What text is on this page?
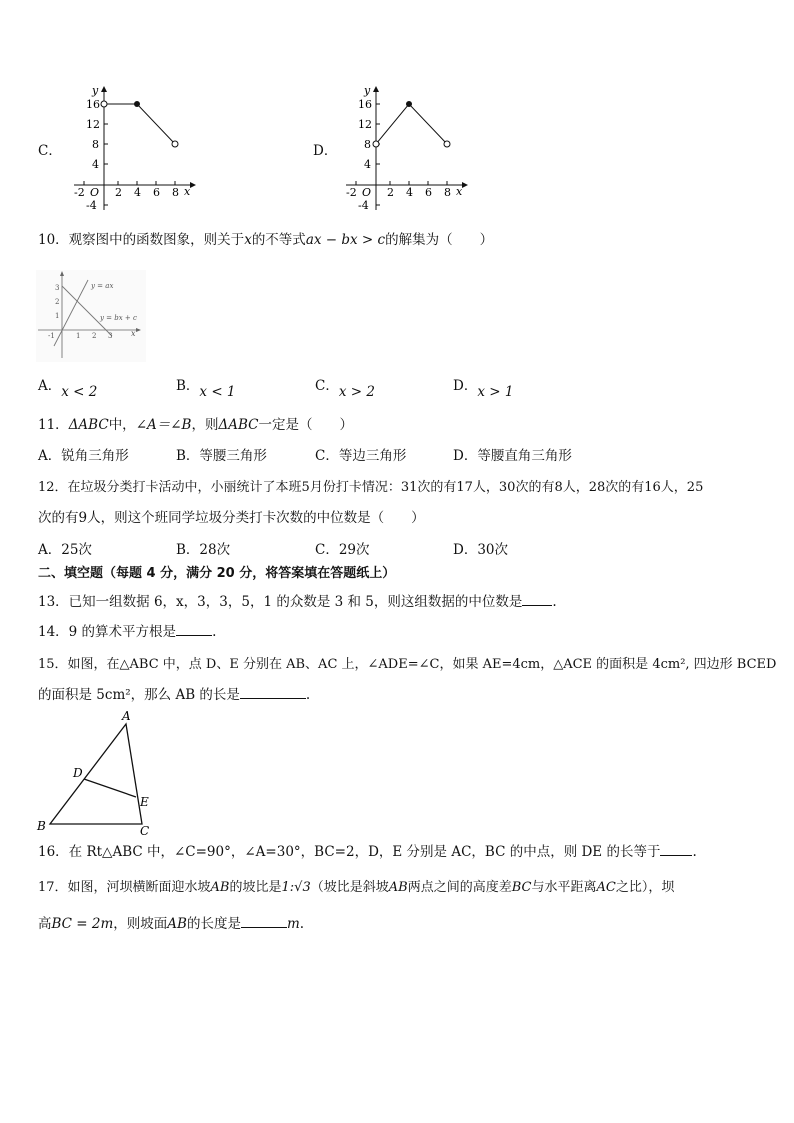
C．
y
x
O
16
12
8
4
-4
-2	2 4 6 8
D．
y
x
O
16
12
8
4
-4
-2	2 4 6 8
10．观察图中的函数图象，则关于x的不等式ax − bx > c的解集为（　　）
y = ax
y = bx + c
x
3
2
1
-1	1 2 3
A．x < 2	B．x < 1	C．x > 2	D．x > 1
11．ΔABC中，∠A＝∠B，则ΔABC一定是（　　）
A．锐角三角形	B．等腰三角形	C．等边三角形	D．等腰直角三角形
12．在垃圾分类打卡活动中，小丽统计了本班5月份打卡情况：31次的有17人，30次的有8人，28次的有16人，25
次的有9人，则这个班同学垃圾分类打卡次数的中位数是（　　）
A．25次	B．28次	C．29次	D．30次
二、填空题（每题 4 分，满分 20 分，将答案填在答题纸上）
13．已知一组数据 6，x，3，3，5，1 的众数是 3 和 5，则这组数据的中位数是 .
14．9 的算术平方根是	.
15．如图，在△ABC 中，点 D、E 分别在 AB、AC 上，∠ADE=∠C，如果 AE=4cm，△ACE 的面积是 4cm², 四边形 BCED
的面积是 5cm²，那么 AB 的长是	.
A
B	C
D
E
16．在 Rt△ABC 中，∠C=90°，∠A=30°，BC=2，D，E 分别是 AC，BC 的中点，则 DE 的长等于 .
17．如图，河坝横断面迎水坡AB的坡比是1:√3（坡比是斜坡AB两点之间的高度差BC与水平距离AC之比），坝
高BC = 2m，则坡面AB的长度是	m.
